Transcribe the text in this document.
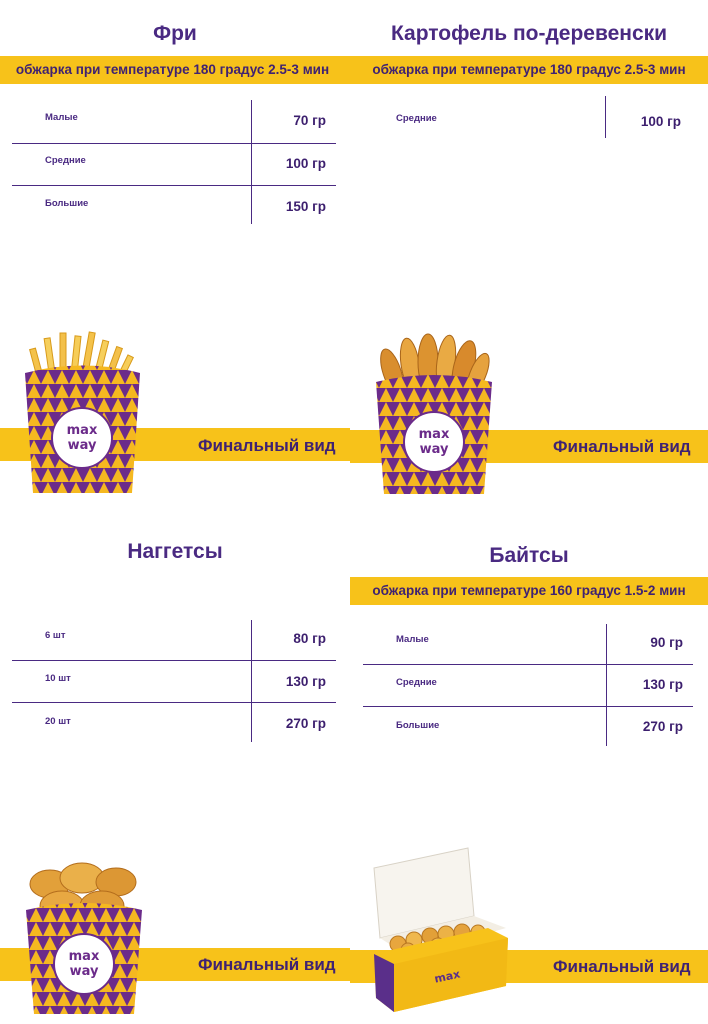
Фри
обжарка при температуре 180 градус 2.5-3 мин
Малые	70 гр
Средние	100 гр
Большие	150 гр
Финальный вид
max
way
Картофель по-деревенски
обжарка при температуре 180 градус 2.5-3 мин
Средние	100 гр
Финальный вид
max
way
Наггетсы
6 шт	80 гр
10 шт	130 гр
20 шт	270 гр
Финальный вид
max
way
Байтсы
обжарка при температуре 160 градус 1.5-2 мин
Малые	90 гр
Средние	130 гр
Большие	270 гр
Финальный вид
max
